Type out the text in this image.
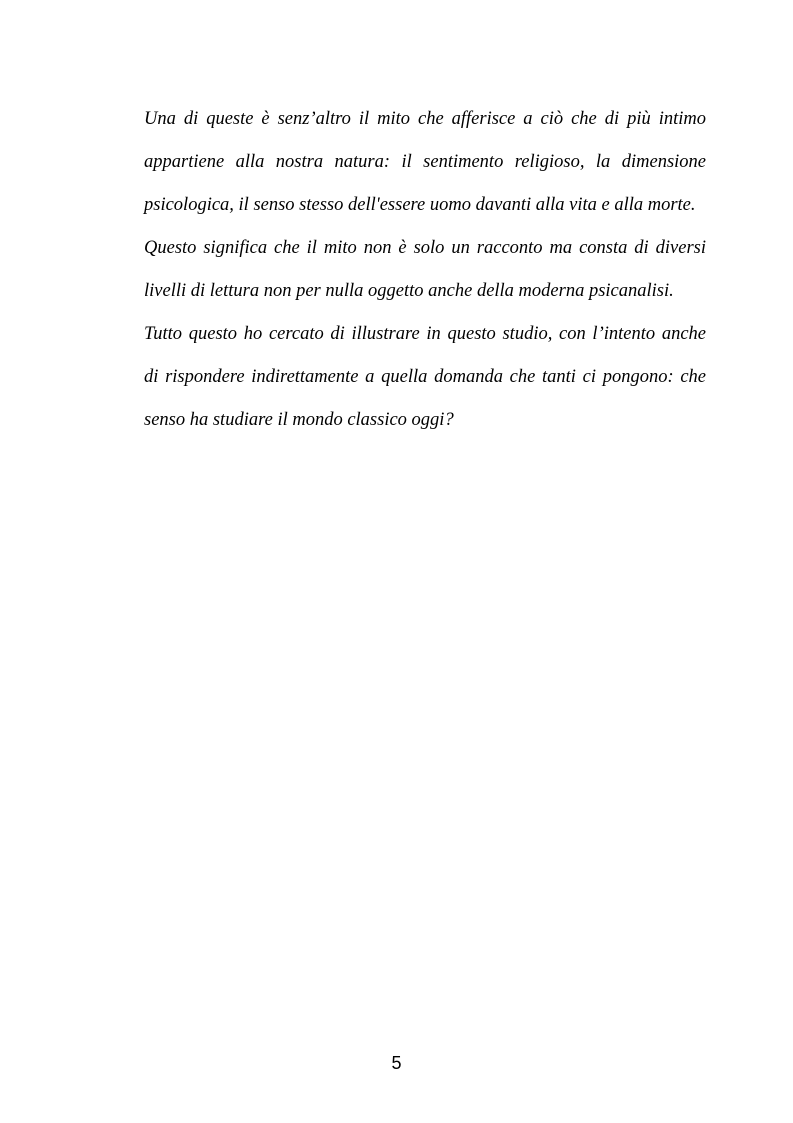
Una di queste è senz’altro il mito che afferisce a ciò che di più intimo
appartiene alla nostra natura: il sentimento religioso, la dimensione
psicologica, il senso stesso dell'essere uomo davanti alla vita e alla morte.
Questo significa che il mito non è solo un racconto ma consta di diversi
livelli di lettura non per nulla oggetto anche della moderna psicanalisi.
Tutto questo ho cercato di illustrare in questo studio, con l’intento anche
di rispondere indirettamente a quella domanda che tanti ci pongono: che
senso ha studiare il mondo classico oggi?
5
